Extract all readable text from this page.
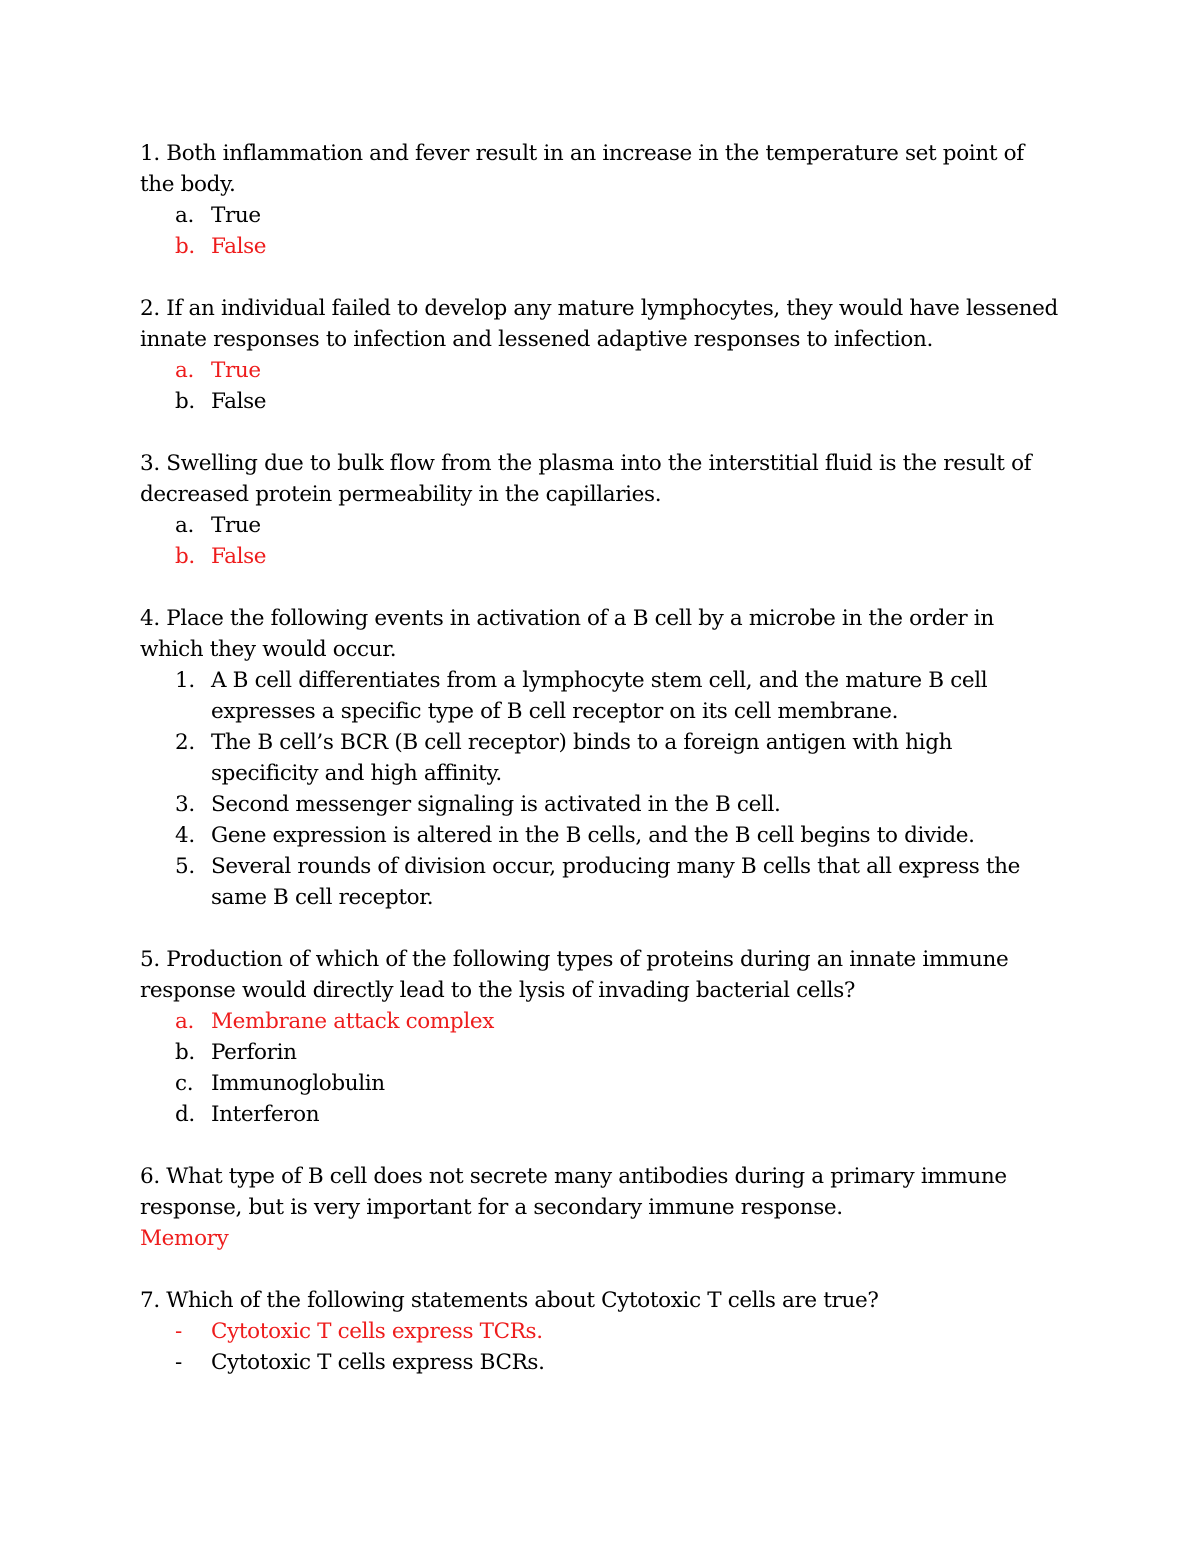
1. Both inflammation and fever result in an increase in the temperature set point of the body.

a. True
b. False

2. If an individual failed to develop any mature lymphocytes, they would have lessened innate responses to infection and lessened adaptive responses to infection.

a. True
b. False

3. Swelling due to bulk flow from the plasma into the interstitial fluid is the result of decreased protein permeability in the capillaries.

a. True
b. False

4. Place the following events in activation of a B cell by a microbe in the order in which they would occur.

1. A B cell differentiates from a lymphocyte stem cell, and the mature B cell expresses a specific type of B cell receptor on its cell membrane.
2. The B cell’s BCR (B cell receptor) binds to a foreign antigen with high specificity and high affinity.
3. Second messenger signaling is activated in the B cell.
4. Gene expression is altered in the B cells, and the B cell begins to divide.
5. Several rounds of division occur, producing many B cells that all express the same B cell receptor.

5. Production of which of the following types of proteins during an innate immune response would directly lead to the lysis of invading bacterial cells?

a. Membrane attack complex
b. Perforin
c. Immunoglobulin
d. Interferon

6. What type of B cell does not secrete many antibodies during a primary immune response, but is very important for a secondary immune response.

Memory

7. Which of the following statements about Cytotoxic T cells are true?

- Cytotoxic T cells express TCRs.
- Cytotoxic T cells express BCRs.
